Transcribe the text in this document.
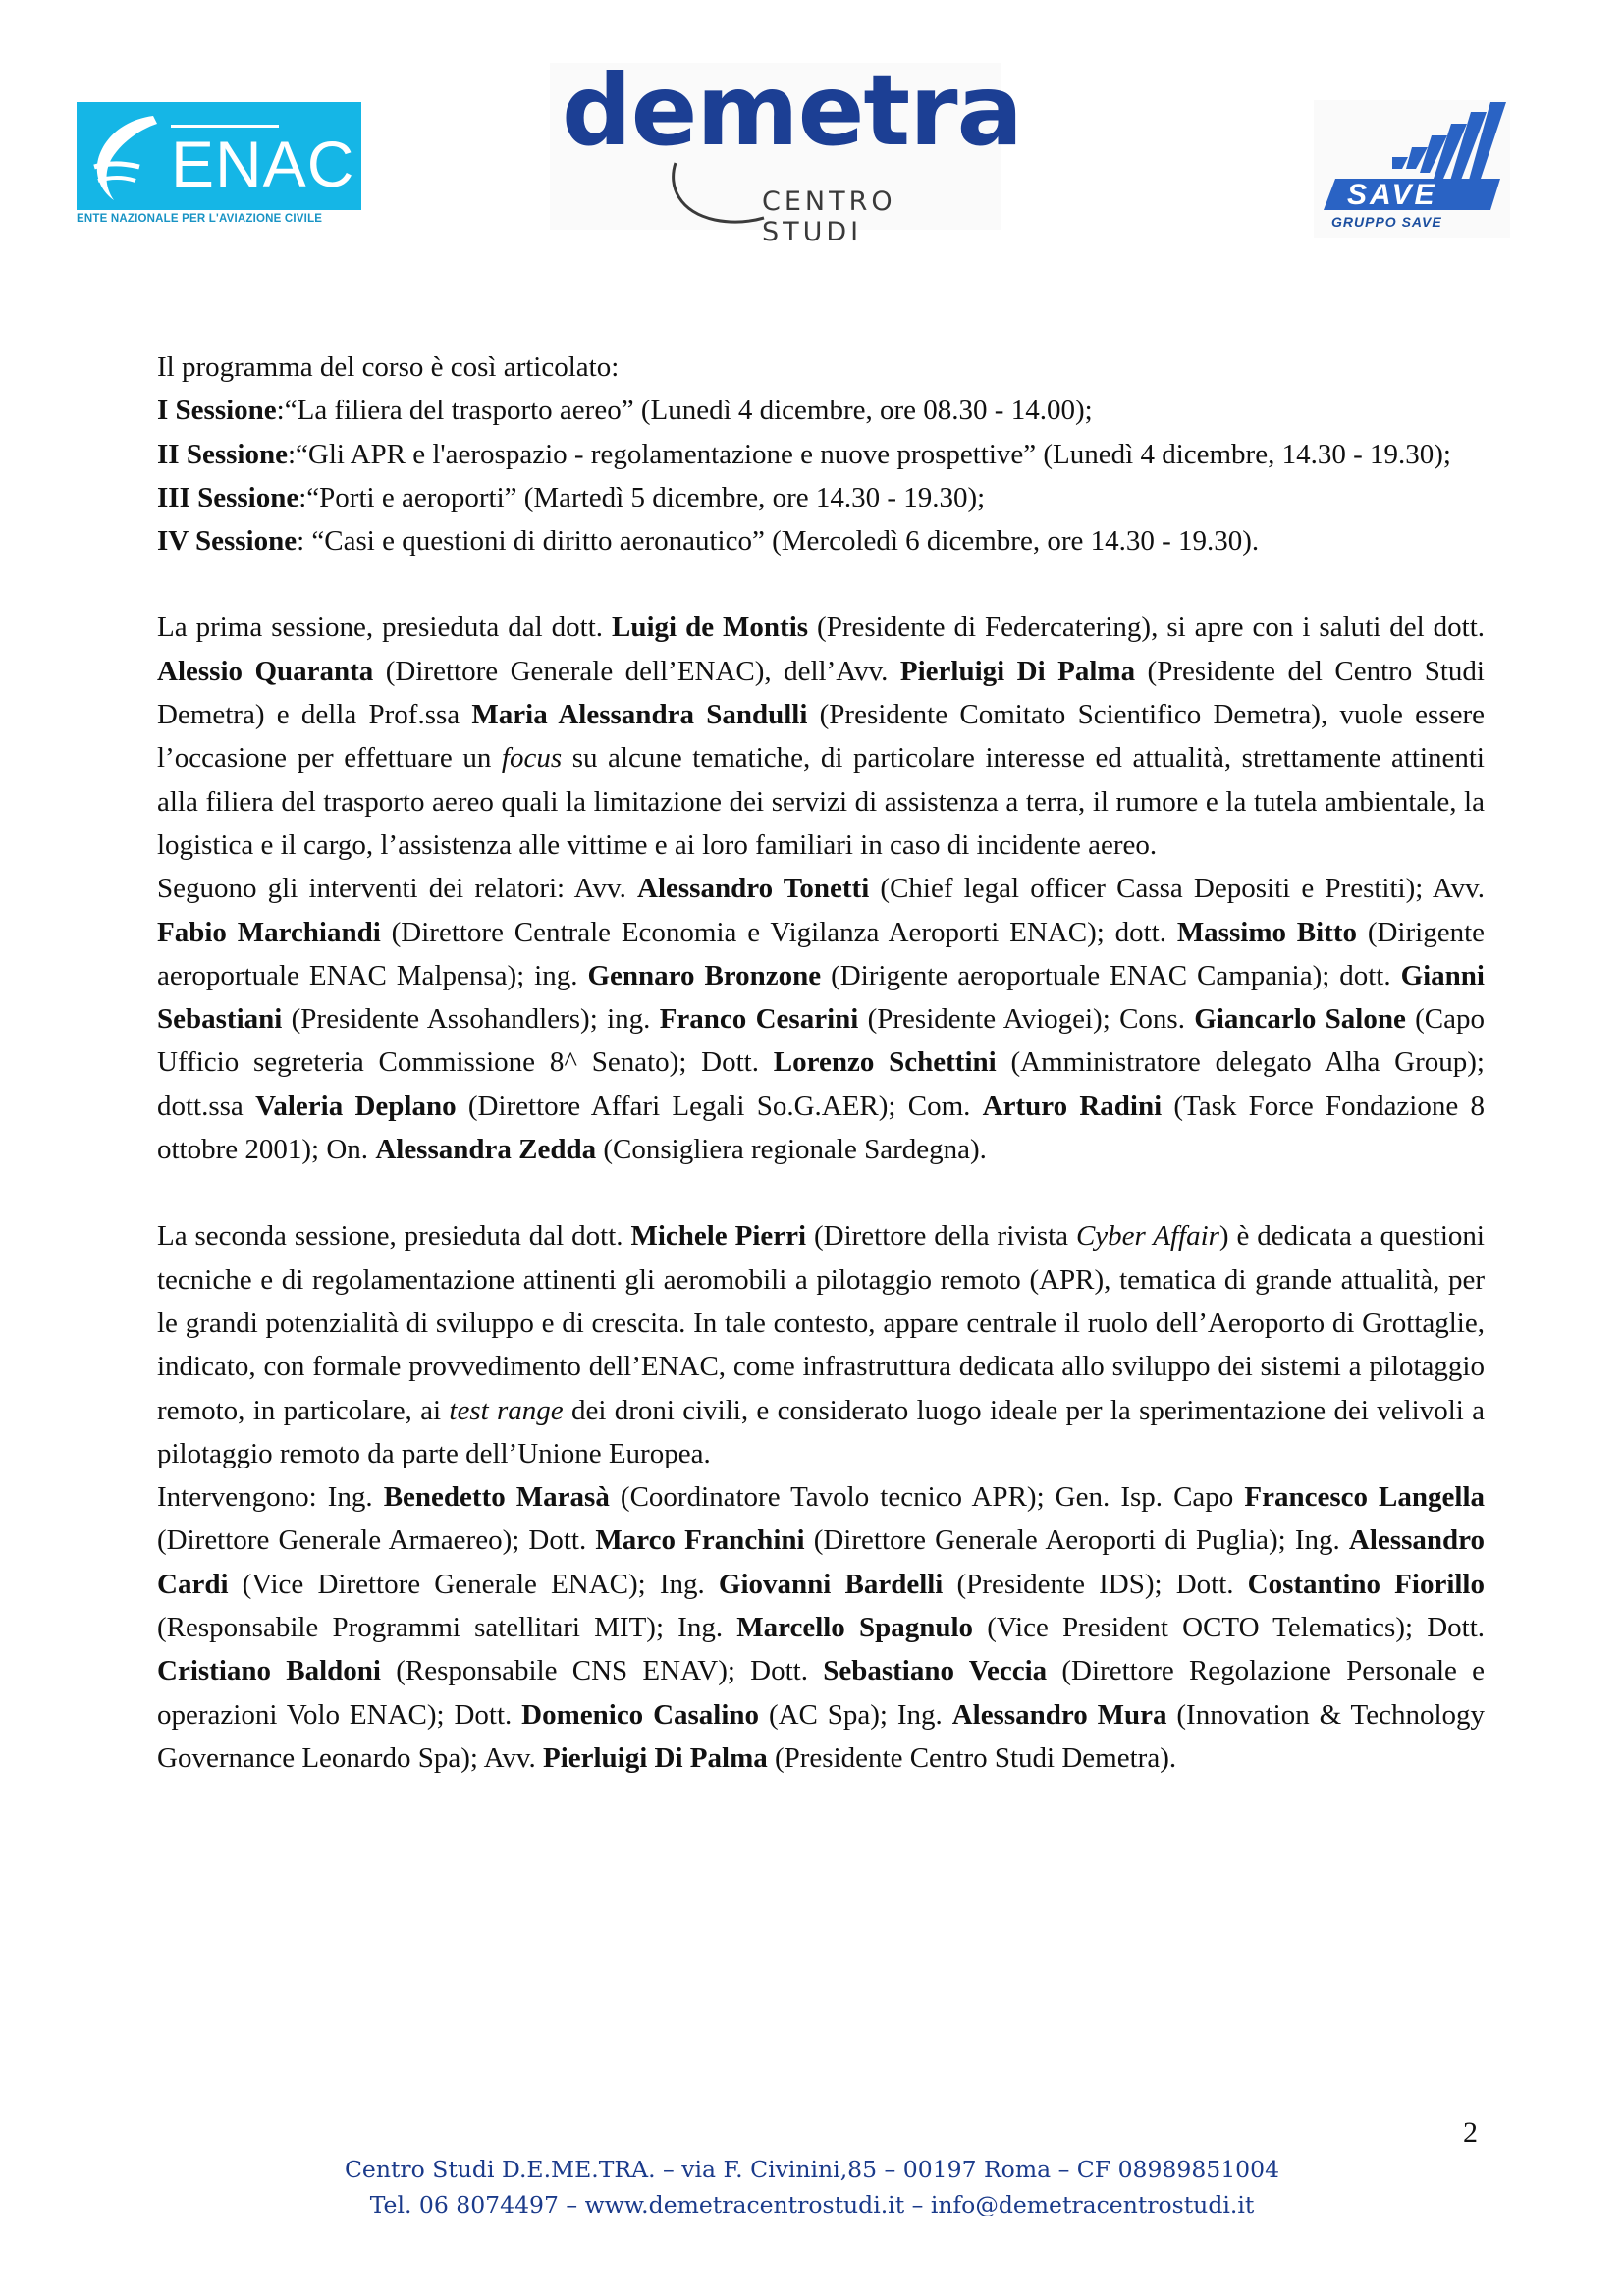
ENAC
ENTE NAZIONALE PER L'AVIAZIONE CIVILE
demetra
CENTRO STUDI
SAVE
GRUPPO SAVE

Il programma del corso è così articolato:

I Sessione:“La filiera del trasporto aereo” (Lunedì 4 dicembre, ore 08.30 - 14.00);

II Sessione:“Gli APR e l'aerospazio - regolamentazione e nuove prospettive” (Lunedì 4 dicembre, 14.30 - 19.30);

III Sessione:“Porti e aeroporti” (Martedì 5 dicembre, ore 14.30 - 19.30);

IV Sessione: “Casi e questioni di diritto aeronautico” (Mercoledì 6 dicembre, ore 14.30 - 19.30).

La prima sessione, presieduta dal dott. Luigi de Montis (Presidente di Federcatering), si apre con i saluti del dott. Alessio Quaranta (Direttore Generale dell’ENAC), dell’Avv. Pierluigi Di Palma (Presidente del Centro Studi Demetra) e della Prof.ssa Maria Alessandra Sandulli (Presidente Comitato Scientifico Demetra), vuole essere l’occasione per effettuare un focus su alcune tematiche, di particolare interesse ed attualità, strettamente attinenti alla filiera del trasporto aereo quali la limitazione dei servizi di assistenza a terra, il rumore e la tutela ambientale, la logistica e il cargo, l’assistenza alle vittime e ai loro familiari in caso di incidente aereo.

Seguono gli interventi dei relatori: Avv. Alessandro Tonetti (Chief legal officer Cassa Depositi e Prestiti); Avv. Fabio Marchiandi (Direttore Centrale Economia e Vigilanza Aeroporti ENAC); dott. Massimo Bitto (Dirigente aeroportuale ENAC Malpensa); ing. Gennaro Bronzone (Dirigente aeroportuale ENAC Campania); dott. Gianni Sebastiani (Presidente Assohandlers); ing. Franco Cesarini (Presidente Aviogei); Cons. Giancarlo Salone (Capo Ufficio segreteria Commissione 8^ Senato); Dott. Lorenzo Schettini (Amministratore delegato Alha Group); dott.ssa Valeria Deplano (Direttore Affari Legali So.G.AER); Com. Arturo Radini (Task Force Fondazione 8 ottobre 2001); On. Alessandra Zedda (Consigliera regionale Sardegna).

La seconda sessione, presieduta dal dott. Michele Pierri (Direttore della rivista Cyber Affair) è dedicata a questioni tecniche e di regolamentazione attinenti gli aeromobili a pilotaggio remoto (APR), tematica di grande attualità, per le grandi potenzialità di sviluppo e di crescita. In tale contesto, appare centrale il ruolo dell’Aeroporto di Grottaglie, indicato, con formale provvedimento dell’ENAC, come infrastruttura dedicata allo sviluppo dei sistemi a pilotaggio remoto, in particolare, ai test range dei droni civili, e considerato luogo ideale per la sperimentazione dei velivoli a pilotaggio remoto da parte dell’Unione Europea.

Intervengono: Ing. Benedetto Marasà (Coordinatore Tavolo tecnico APR); Gen. Isp. Capo Francesco Langella (Direttore Generale Armaereo); Dott. Marco Franchini (Direttore Generale Aeroporti di Puglia); Ing. Alessandro Cardi (Vice Direttore Generale ENAC); Ing. Giovanni Bardelli (Presidente IDS); Dott. Costantino Fiorillo (Responsabile Programmi satellitari MIT); Ing. Marcello Spagnulo (Vice President OCTO Telematics); Dott. Cristiano Baldoni (Responsabile CNS ENAV); Dott. Sebastiano Veccia (Direttore Regolazione Personale e operazioni Volo ENAC); Dott. Domenico Casalino (AC Spa); Ing. Alessandro Mura (Innovation & Technology Governance Leonardo Spa); Avv. Pierluigi Di Palma (Presidente Centro Studi Demetra).

2
Centro Studi D.E.ME.TRA. – via F. Civinini,85 – 00197 Roma – CF 08989851004
Tel. 06 8074497 – www.demetracentrostudi.it – info@demetracentrostudi.it
